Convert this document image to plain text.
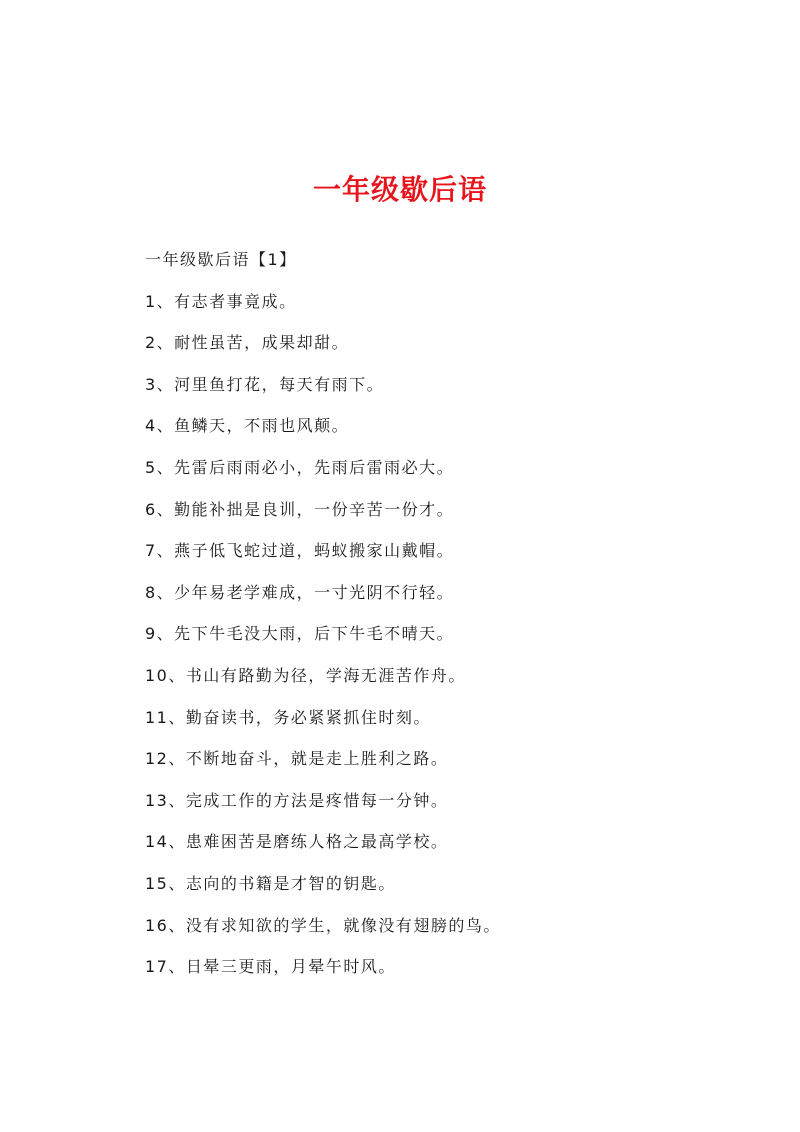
一年级歇后语
一年级歇后语【1】
1、有志者事竟成。
2、耐性虽苦，成果却甜。
3、河里鱼打花，每天有雨下。
4、鱼鳞天，不雨也风颠。
5、先雷后雨雨必小，先雨后雷雨必大。
6、勤能补拙是良训，一份辛苦一份才。
7、燕子低飞蛇过道，蚂蚁搬家山戴帽。
8、少年易老学难成，一寸光阴不行轻。
9、先下牛毛没大雨，后下牛毛不晴天。
10、书山有路勤为径，学海无涯苦作舟。
11、勤奋读书，务必紧紧抓住时刻。
12、不断地奋斗，就是走上胜利之路。
13、完成工作的方法是疼惜每一分钟。
14、患难困苦是磨练人格之最高学校。
15、志向的书籍是才智的钥匙。
16、没有求知欲的学生，就像没有翅膀的鸟。
17、日晕三更雨，月晕午时风。
